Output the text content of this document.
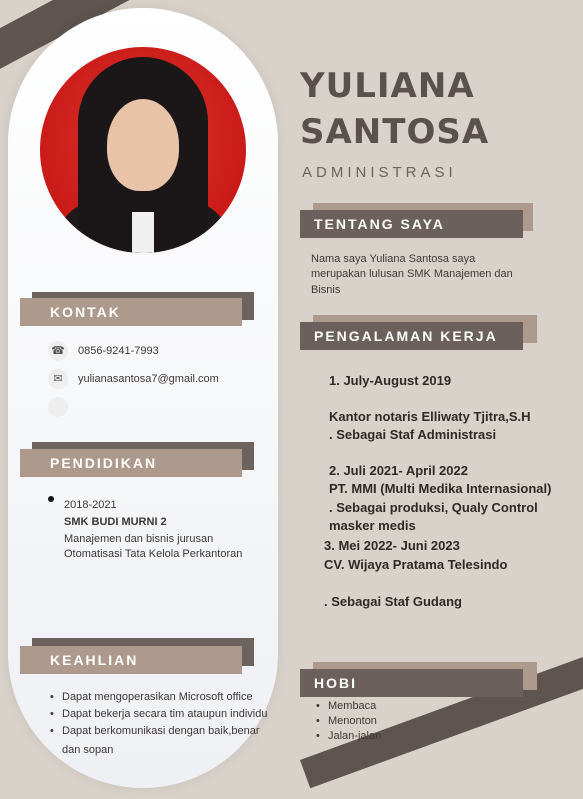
YULIANA
SANTOSA
ADMINISTRASI
KONTAK
☎ 0856-9241-7993
✉	yulianasantosa7@gmail.com
PENDIDIKAN
2018-2021
SMK BUDI MURNI 2
Manajemen dan bisnis jurusan
Otomatisasi Tata Kelola Perkantoran
KEAHLIAN
• Dapat mengoperasikan Microsoft office
• Dapat bekerja secara tim ataupun individu
• Dapat berkomunikasi dengan baik,benar
dan sopan
TENTANG SAYA
Nama saya Yuliana Santosa saya
merupakan lulusan SMK Manajemen dan
Bisnis
PENGALAMAN KERJA
1. July-August 2019
Kantor notaris Elliwaty Tjitra,S.H
. Sebagai Staf Administrasi
2. Juli 2021- April 2022
PT. MMI (Multi Medika Internasional)
. Sebagai produksi, Qualy Control
masker medis
3. Mei 2022- Juni 2023
CV. Wijaya Pratama Telesindo
. Sebagai Staf Gudang
HOBI
• Membaca
• Menonton
• Jalan-jalan
